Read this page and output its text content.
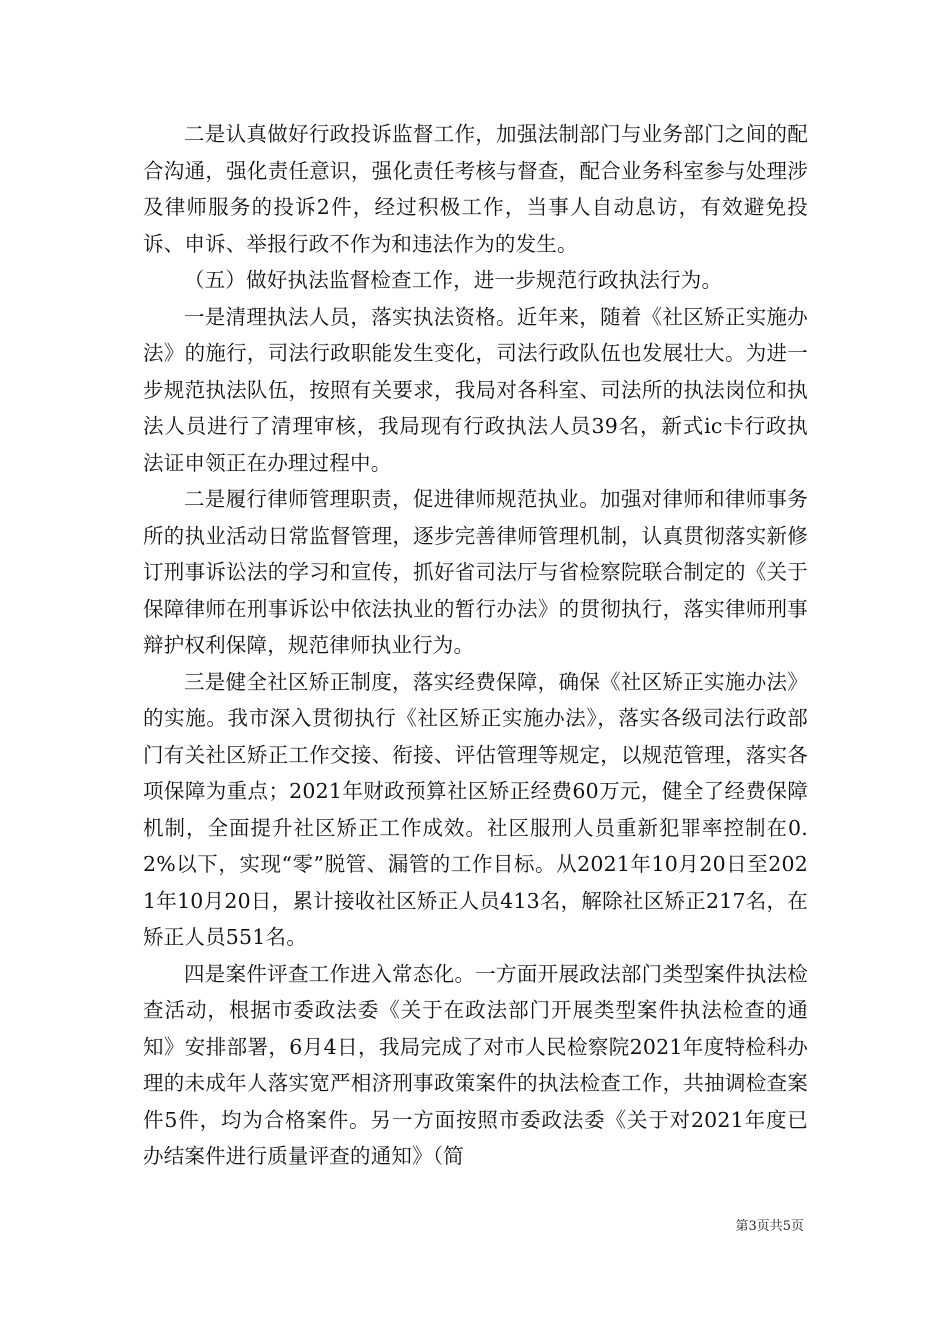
二是认真做好行政投诉监督工作，加强法制部门与业务部门之间的配合沟通，强化责任意识，强化责任考核与督查，配合业务科室参与处理涉及律师服务的投诉2件，经过积极工作，当事人自动息访，有效避免投诉、申诉、举报行政不作为和违法作为的发生。

（五）做好执法监督检查工作，进一步规范行政执法行为。

一是清理执法人员，落实执法资格。近年来，随着《社区矫正实施办法》的施行，司法行政职能发生变化，司法行政队伍也发展壮大。为进一步规范执法队伍，按照有关要求，我局对各科室、司法所的执法岗位和执法人员进行了清理审核，我局现有行政执法人员39名，新式ic卡行政执法证申领正在办理过程中。

二是履行律师管理职责，促进律师规范执业。加强对律师和律师事务所的执业活动日常监督管理，逐步完善律师管理机制，认真贯彻落实新修订刑事诉讼法的学习和宣传，抓好省司法厅与省检察院联合制定的《关于保障律师在刑事诉讼中依法执业的暂行办法》的贯彻执行，落实律师刑事辩护权利保障，规范律师执业行为。

三是健全社区矫正制度，落实经费保障，确保《社区矫正实施办法》的实施。我市深入贯彻执行《社区矫正实施办法》，落实各级司法行政部门有关社区矫正工作交接、衔接、评估管理等规定，以规范管理，落实各项保障为重点；2021年财政预算社区矫正经费60万元，健全了经费保障机制，全面提升社区矫正工作成效。社区服刑人员重新犯罪率控制在0.2%以下，实现“零”脱管、漏管的工作目标。从2021年10月20日至2021年10月20日，累计接收社区矫正人员413名，解除社区矫正217名，在矫正人员551名。

四是案件评查工作进入常态化。一方面开展政法部门类型案件执法检查活动，根据市委政法委《关于在政法部门开展类型案件执法检查的通知》安排部署，6月4日，我局完成了对市人民检察院2021年度特检科办理的未成年人落实宽严相济刑事政策案件的执法检查工作，共抽调检查案件5件，均为合格案件。另一方面按照市委政法委《关于对2021年度已办结案件进行质量评查的通知》（简

第3页共5页
